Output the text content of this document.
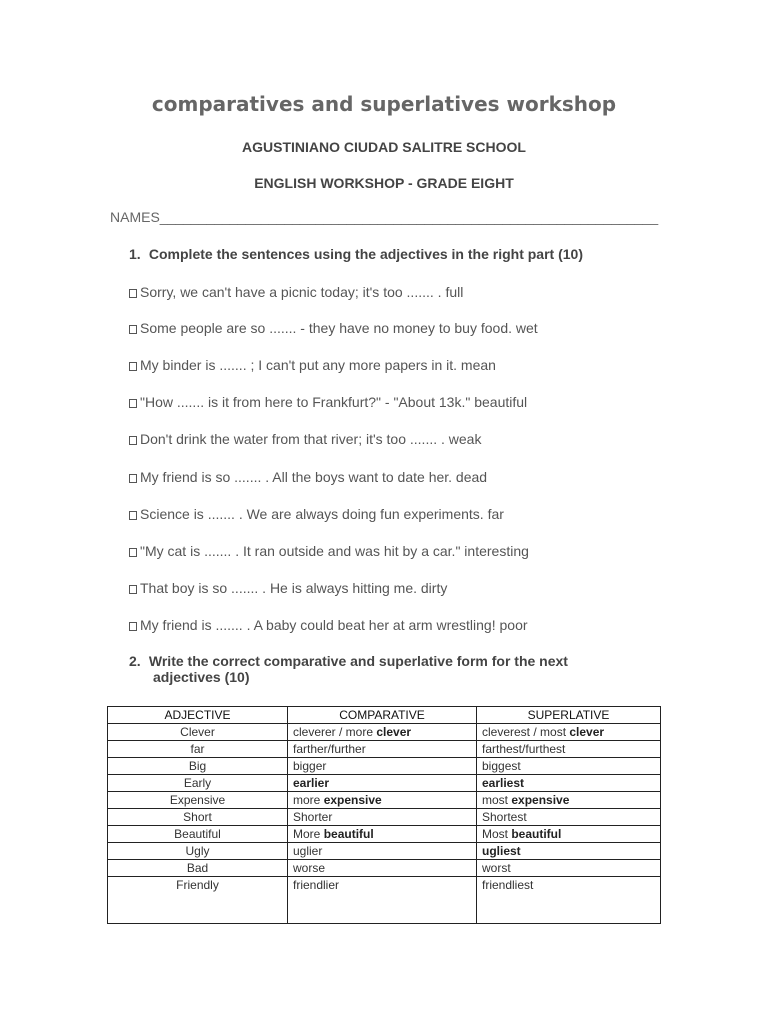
comparatives and superlatives workshop
AGUSTINIANO CIUDAD SALITRE SCHOOL
ENGLISH WORKSHOP - GRADE EIGHT
NAMES________________________________________________________________
1. Complete the sentences using the adjectives in the right part (10)
Sorry, we can't have a picnic today; it's too ....... . full
Some people are so ....... - they have no money to buy food. wet
My binder is ....... ; I can't put any more papers in it. mean
"How ....... is it from here to Frankfurt?" - "About 13k." beautiful
Don't drink the water from that river; it's too ....... . weak
My friend is so ....... . All the boys want to date her. dead
Science is ....... . We are always doing fun experiments. far
"My cat is ....... . It ran outside and was hit by a car." interesting
That boy is so ....... . He is always hitting me. dirty
My friend is ....... . A baby could beat her at arm wrestling! poor
2. Write the correct comparative and superlative form for the next
adjectives (10)
ADJECTIVE	COMPARATIVE	SUPERLATIVE
Clever	cleverer / more clever	cleverest / most clever
far	farther/further	farthest/furthest
Big	bigger	biggest
Early	earlier	earliest
Expensive	more expensive	most expensive
Short	Shorter	Shortest
Beautiful	More beautiful	Most beautiful
Ugly	uglier	ugliest
Bad	worse	worst
Friendly	friendlier	friendliest
